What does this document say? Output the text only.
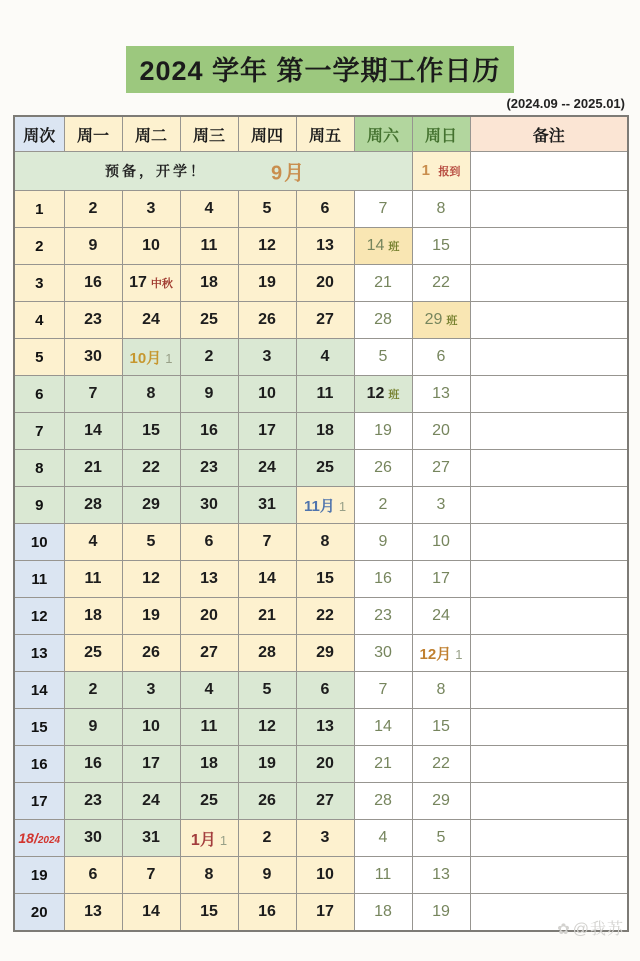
2024 学年 第一学期工作日历
(2024.09 -- 2025.01)
周次	周一	周二	周三	周四	周五	周六	周日	备注

预备，开学！ 9月							1 报到	
1	2	3	4	5	6	7	8	
2	9	10	11	12	13	14 班	15	
3	16	17 中秋	18	19	20	21	22	
4	23	24	25	26	27	28	29 班	
5	30	10月 1	2	3	4	5	6	
6	7	8	9	10	11	12 班	13	
7	14	15	16	17	18	19	20	
8	21	22	23	24	25	26	27	
9	28	29	30	31	11月 1	2	3	
10	4	5	6	7	8	9	10	
11	11	12	13	14	15	16	17	
12	18	19	20	21	22	23	24	
13	25	26	27	28	29	30	12月 1	
14	2	3	4	5	6	7	8	
15	9	10	11	12	13	14	15	
16	16	17	18	19	20	21	22	
17	23	24	25	26	27	28	29	
18/2024	30	31	1月 1	2	3	4	5	
19	6	7	8	9	10	11	13	
20	13	14	15	16	17	18	19	
✿ @我苏
